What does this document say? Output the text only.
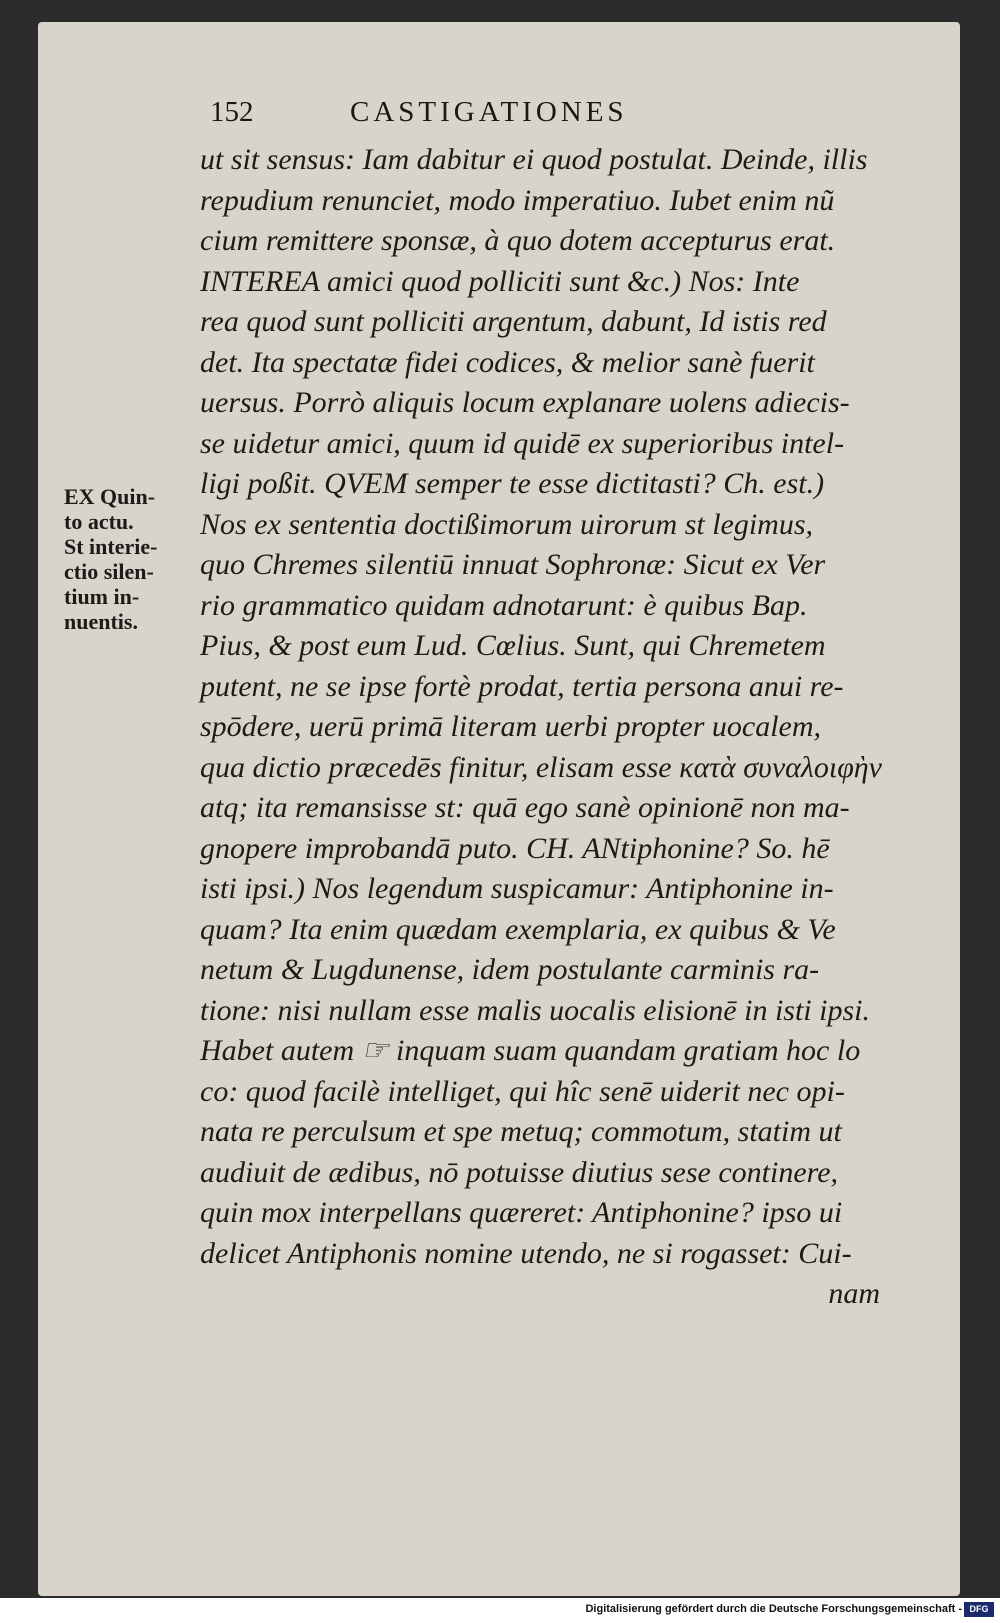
152	CASTIGATIONES
EX Quin-
to actu.
St interie-
ctio silen-
tium in-
nuentis.
ut sit sensus: Iam dabitur ei quod postulat. Deinde, illis
repudium renunciet, modo imperatiuo. Iubet enim nũ
cium remittere sponsæ, à quo dotem accepturus erat.
INTEREA amici quod polliciti sunt &c.) Nos: Inte
rea quod sunt polliciti argentum, dabunt, Id istis red
det. Ita spectatæ fidei codices, & melior sanè fuerit
uersus. Porrò aliquis locum explanare uolens adiecis-
se uidetur amici, quum id quidē ex superioribus intel-
ligi poßit. QVEM semper te esse dictitasti? Ch. est.)
Nos ex sententia doctißimorum uirorum st legimus,
quo Chremes silentiū innuat Sophronæ: Sicut ex Ver
rio grammatico quidam adnotarunt: è quibus Bap.
Pius, & post eum Lud. Cœlius. Sunt, qui Chremetem
putent, ne se ipse fortè prodat, tertia persona anui re-
spōdere, uerū primā literam uerbi propter uocalem,
qua dictio præcedēs finitur, elisam esse κατὰ συναλοιφὴν
atq; ita remansisse st: quā ego sanè opinionē non ma-
gnopere improbandā puto. CH. ANtiphonine? So. hē
isti ipsi.) Nos legendum suspicamur: Antiphonine in-
quam? Ita enim quædam exemplaria, ex quibus & Ve
netum & Lugdunense, idem postulante carminis ra-
tione: nisi nullam esse malis uocalis elisionē in isti ipsi.
Habet autem ☞ inquam suam quandam gratiam hoc lo
co: quod facilè intelliget, qui hîc senē uiderit nec opi-
nata re perculsum et spe metuq; commotum, statim ut
audiuit de ædibus, nō potuisse diutius sese continere,
quin mox interpellans quæreret: Antiphonine? ipso ui
delicet Antiphonis nomine utendo, ne si rogasset: Cui-
nam
Digitalisierung gefördert durch die Deutsche Forschungsgemeinschaft - DFG
